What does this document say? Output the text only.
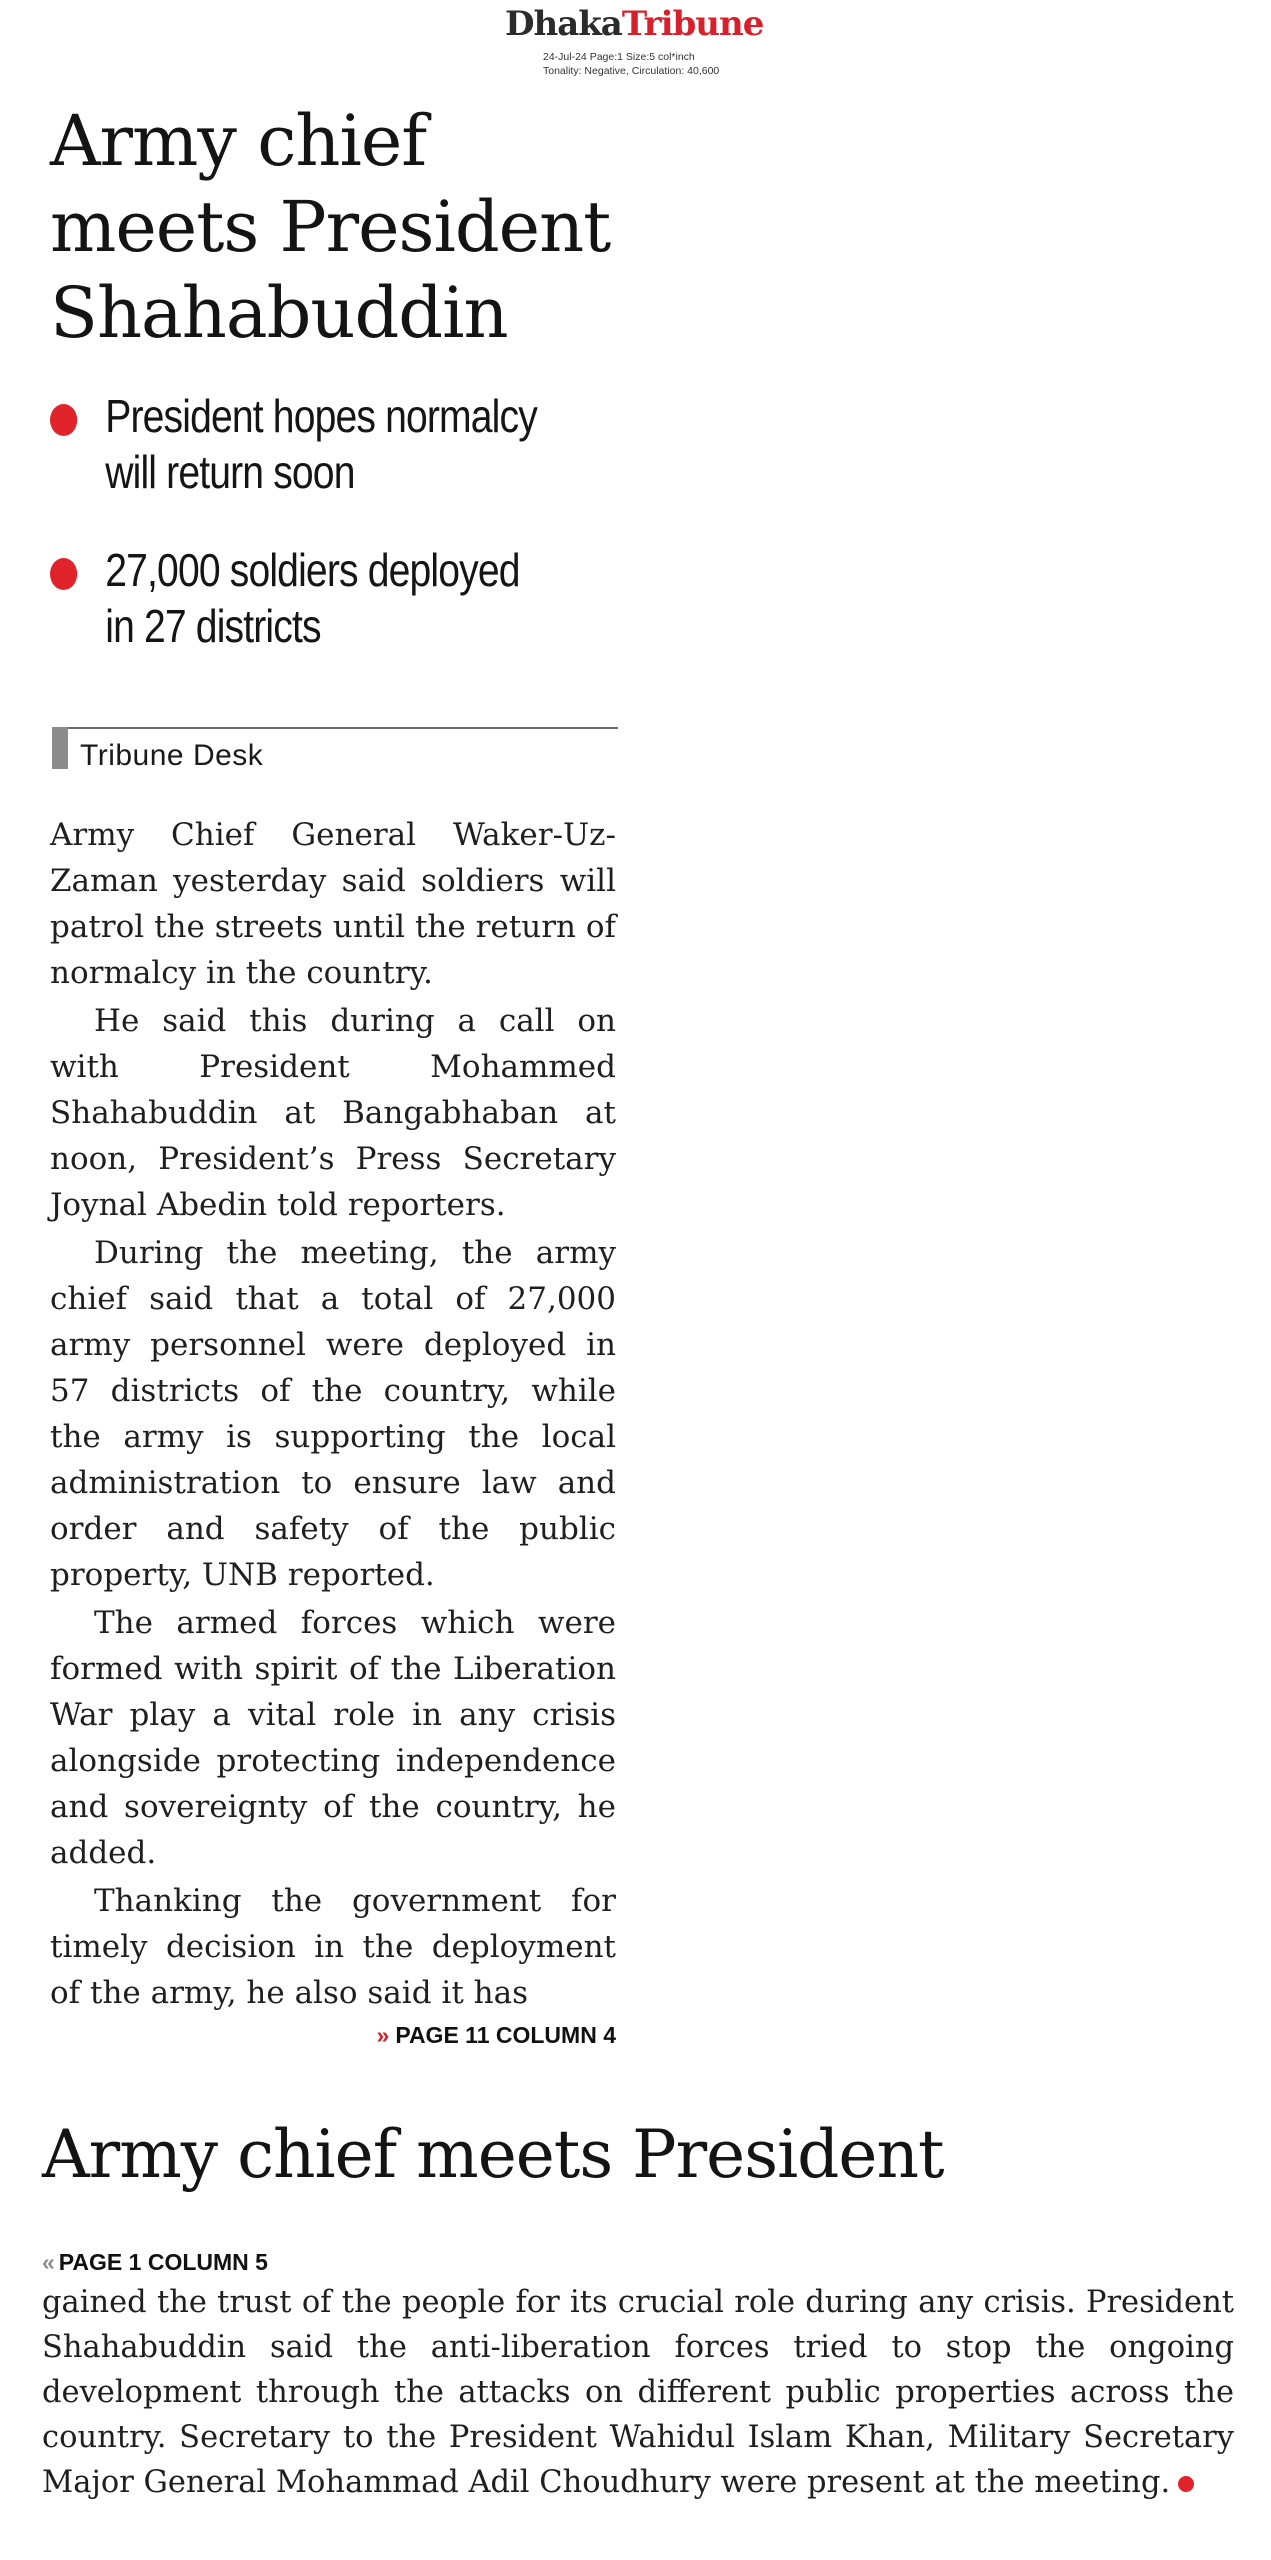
DhakaTribune
24-Jul-24 Page:1 Size:5 col*inch
Tonality: Negative, Circulation: 40,600
Army chief
meets President
Shahabuddin
President hopes normalcy
will return soon
27,000 soldiers deployed
in 27 districts
Tribune Desk

Army Chief General Waker-Uz-Zaman yesterday said soldiers will patrol the streets until the return of normalcy in the country.

He said this during a call on with President Mohammed Shahabuddin at Bangabhaban at noon, President’s Press Secretary Joynal Abedin told reporters.

During the meeting, the army chief said that a total of 27,000 army personnel were deployed in 57 districts of the country, while the army is supporting the local administration to ensure law and order and safety of the public property, UNB reported.

The armed forces which were formed with spirit of the Liberation War play a vital role in any crisis alongside protecting independence and sovereignty of the country, he added.

Thanking the government for timely decision in the deployment of the army, he also said it has

» PAGE 11 COLUMN 4
Army chief meets President
« PAGE 1 COLUMN 5

gained the trust of the people for its crucial role during any crisis. President Shahabuddin said the anti-liberation forces tried to stop the ongoing development through the attacks on different public properties across the country. Secretary to the President Wahidul Islam Khan, Military Secretary Major General Mohammad Adil Choudhury were present at the meeting.
